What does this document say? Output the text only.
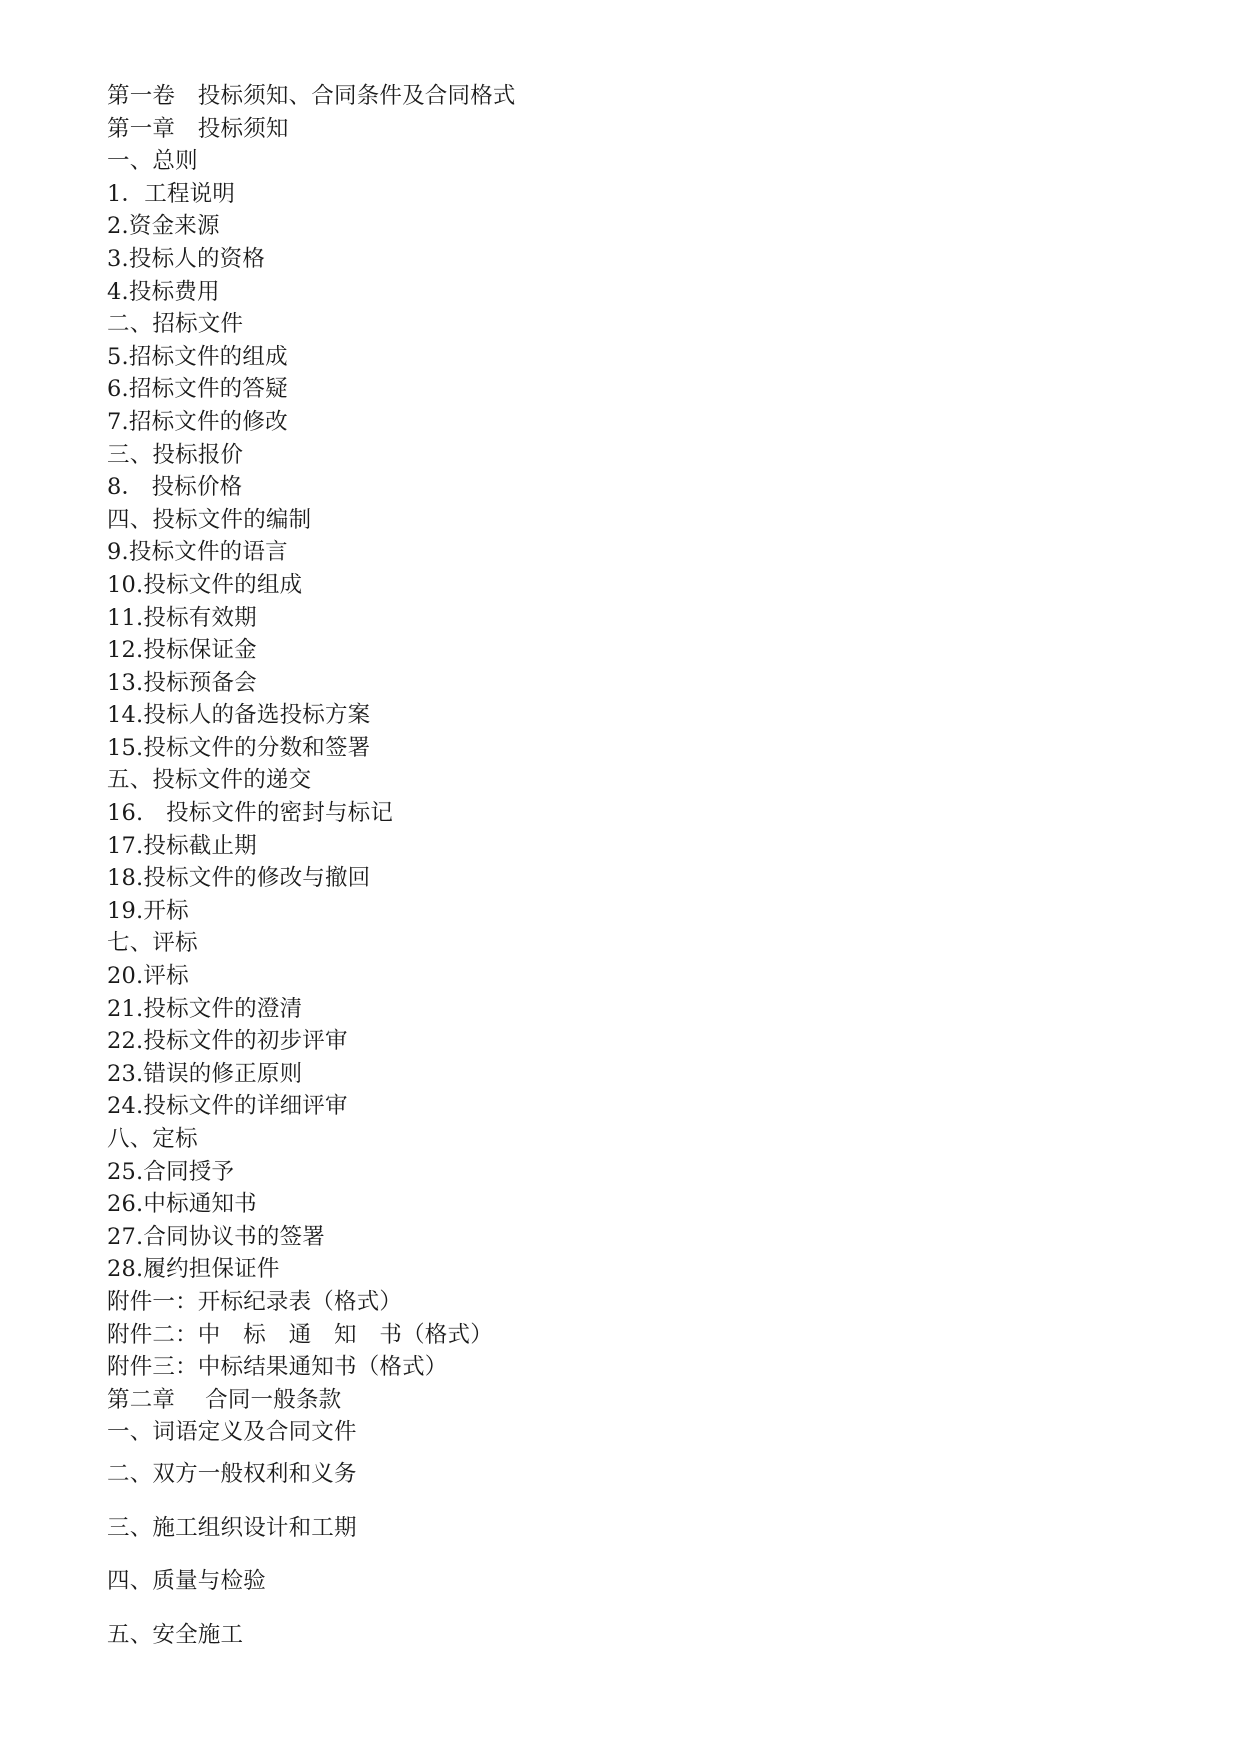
第一卷　投标须知、合同条件及合同格式
第一章　投标须知
一、总则
1．工程说明
2.资金来源
3.投标人的资格
4.投标费用
二、招标文件
5.招标文件的组成
6.招标文件的答疑
7.招标文件的修改
三、投标报价
8． 投标价格
四、投标文件的编制
9.投标文件的语言
10.投标文件的组成
11.投标有效期
12.投标保证金
13.投标预备会
14.投标人的备选投标方案
15.投标文件的分数和签署
五、投标文件的递交
16.　投标文件的密封与标记
17.投标截止期
18.投标文件的修改与撤回
19.开标
七、评标
20.评标
21.投标文件的澄清
22.投标文件的初步评审
23.错误的修正原则
24.投标文件的详细评审
八、定标
25.合同授予
26.中标通知书
27.合同协议书的签署
28.履约担保证件
附件一：开标纪录表（格式）
附件二：中　标　通　知　书（格式）
附件三：中标结果通知书（格式）
第二章　 合同一般条款
一、词语定义及合同文件
二、双方一般权利和义务
三、施工组织设计和工期
四、质量与检验
五、安全施工
